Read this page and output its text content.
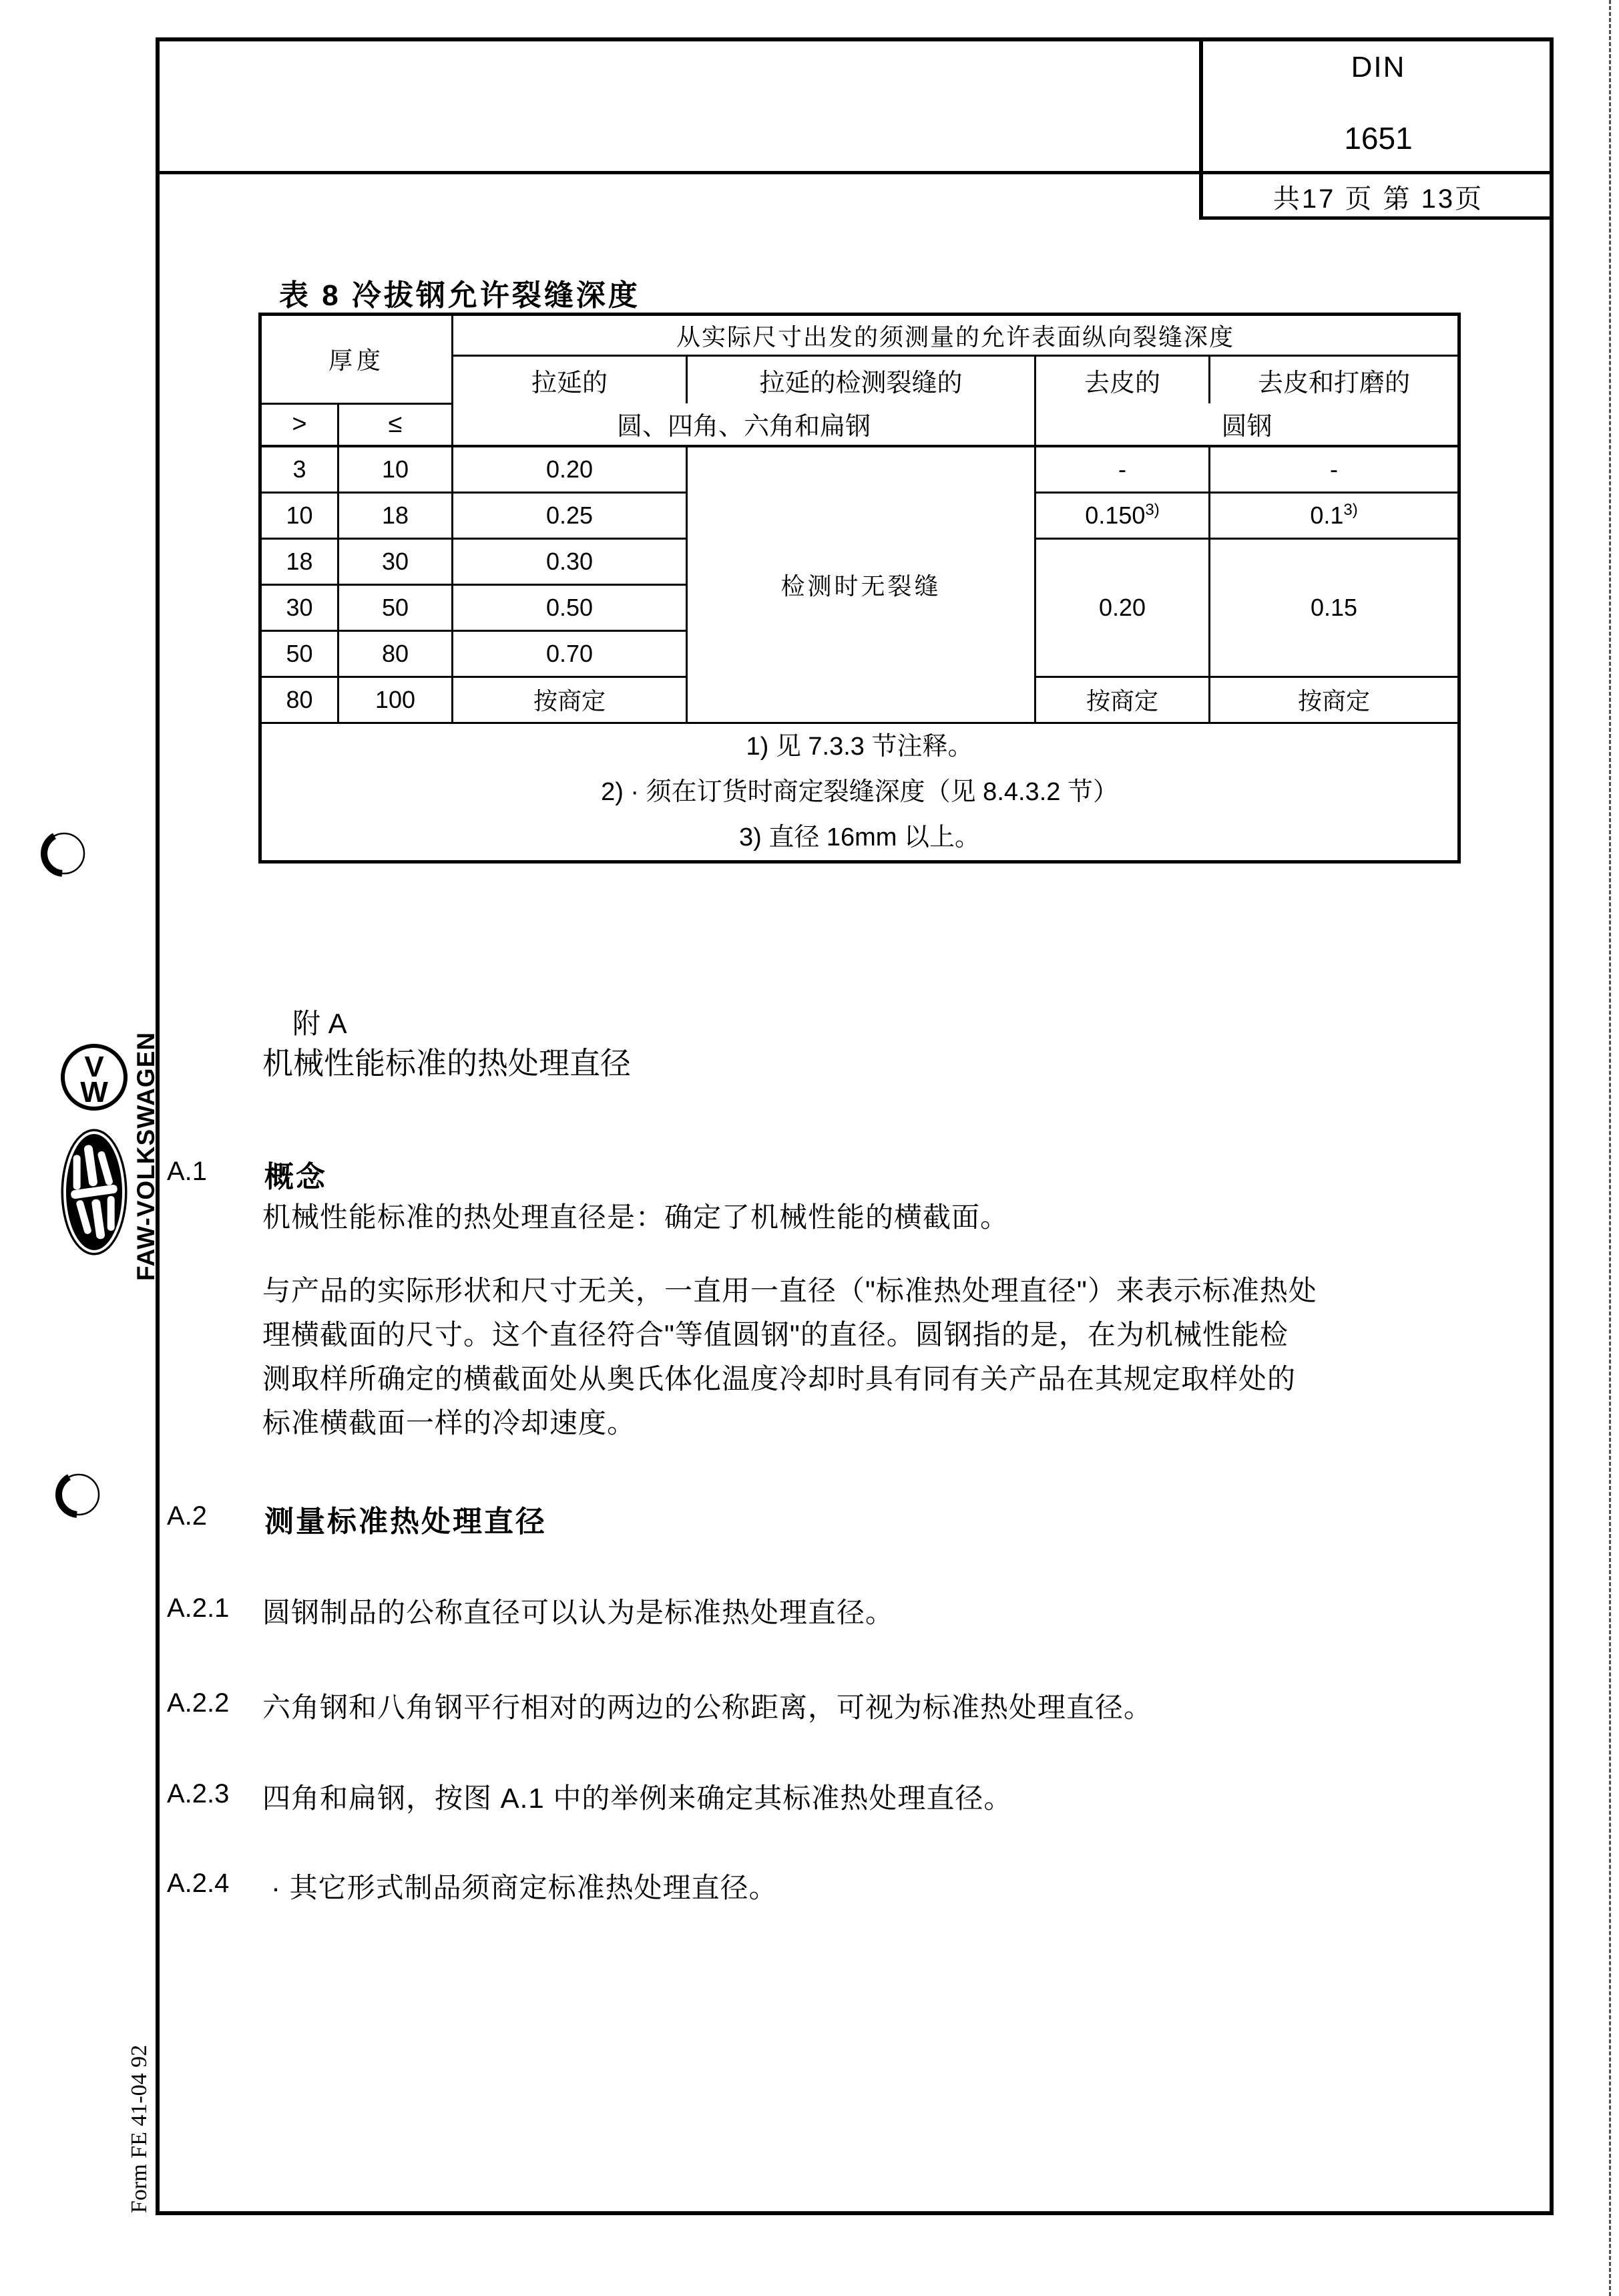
DIN
1651
共17 页 第 13页
表 8 冷拔钢允许裂缝深度
厚度		从实际尺寸出发的须测量的允许表面纵向裂缝深度			
		拉延的	拉延的检测裂缝的	去皮的	去皮和打磨的
>	≤	圆、四角、六角和扁钢		圆钢	
3	10	0.20	检测时无裂缝	-	-
10	18	0.25		0.150$^{3)}$	0.1$^{3)}$
18	30	0.30		0.20	0.15
30	50	0.50			
50	80	0.70			
80	100	按商定		按商定	按商定

1) 见 7.3.3 节注释。
2) · 须在订货时商定裂缝深度（见 8.4.3.2 节）
3) 直径 16mm 以上。					
附 A
机械性能标准的热处理直径
A.1	概念
机械性能标准的热处理直径是：确定了机械性能的横截面。
与产品的实际形状和尺寸无关，一直用一直径（"标准热处理直径"）来表示标准热处
理横截面的尺寸。这个直径符合"等值圆钢"的直径。圆钢指的是，在为机械性能检
测取样所确定的横截面处从奥氏体化温度冷却时具有同有关产品在其规定取样处的
标准横截面一样的冷却速度。
A.2	测量标准热处理直径
A.2.1	圆钢制品的公称直径可以认为是标准热处理直径。
A.2.2	六角钢和八角钢平行相对的两边的公称距离，可视为标准热处理直径。
A.2.3	四角和扁钢，按图 A.1 中的举例来确定其标准热处理直径。
A.2.4	· 其它形式制品须商定标准热处理直径。
V
W FAW-VOLKSWAGEN
Form FE 41-04 92
